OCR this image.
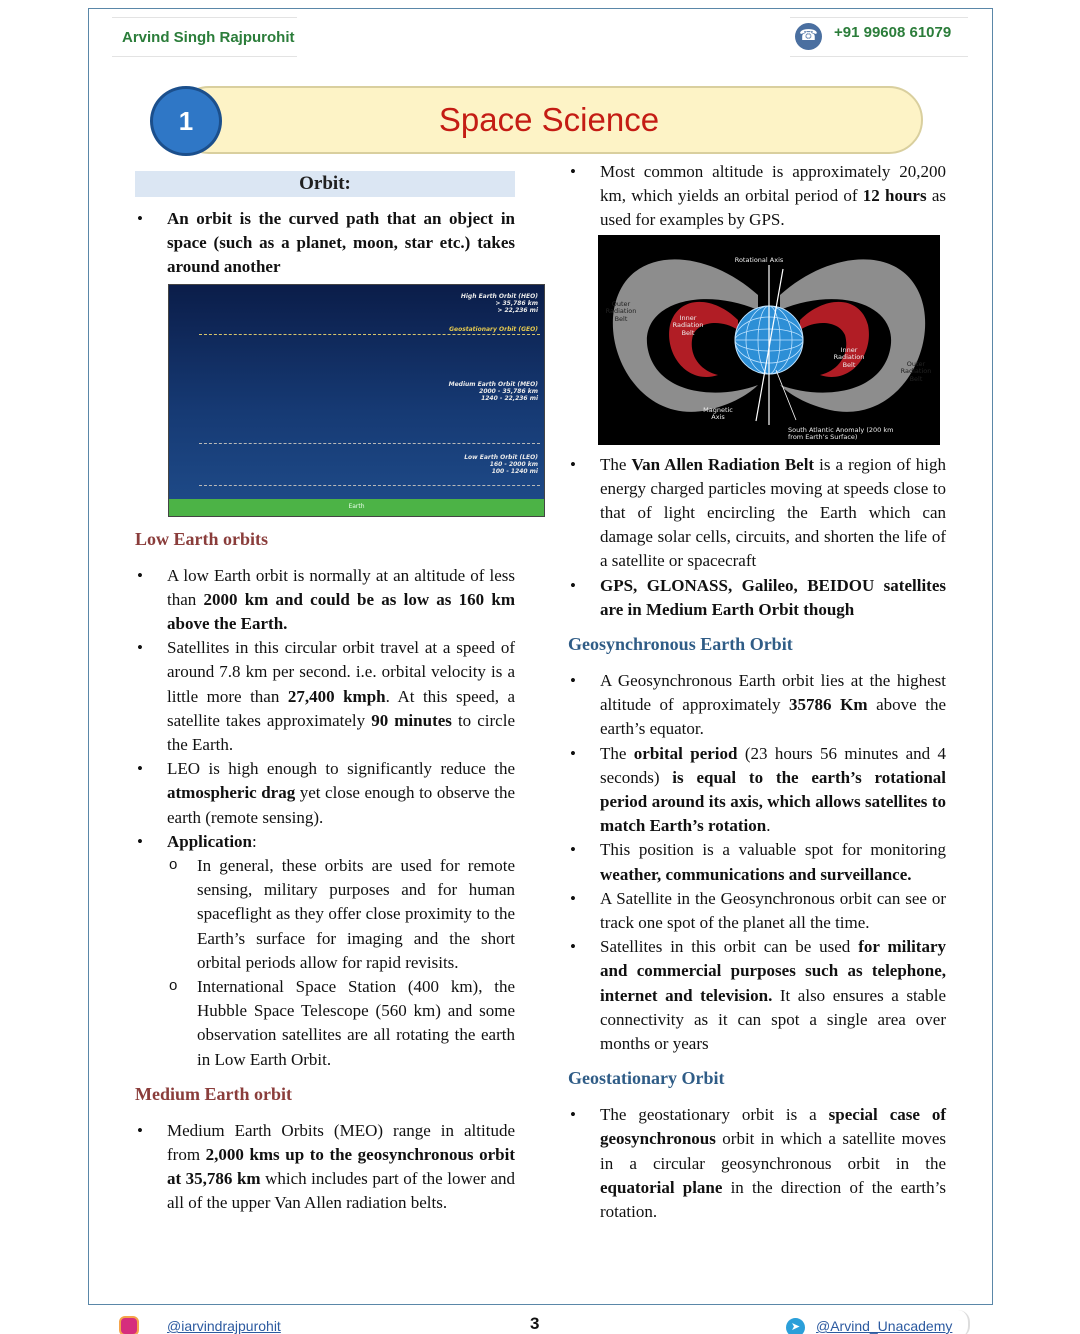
Arvind Singh Rajpurohit	☎ +91 99608 61079
Space Science
1
Orbit:
• An orbit is the curved path that an object in space (such as a planet, moon, star etc.) takes around another
High Earth Orbit (HEO)
> 35,786 km
> 22,236 mi
Geostationary Orbit (GEO)
Medium Earth Orbit (MEO)
2000 - 35,786 km
1240 - 22,236 mi
Low Earth Orbit (LEO)
160 - 2000 km
100 - 1240 mi
Earth
Low Earth orbits
• A low Earth orbit is normally at an altitude of less than 2000 km and could be as low as 160 km above the Earth.
• Satellites in this circular orbit travel at a speed of around 7.8 km per second. i.e. orbital velocity is a little more than 27,400 kmph. At this speed, a satellite takes approximately 90 minutes to circle the Earth.
• LEO is high enough to significantly reduce the atmospheric drag yet close enough to observe the earth (remote sensing).
• Application:
o In general, these orbits are used for remote sensing, military purposes and for human spaceflight as they offer close proximity to the Earth’s surface for imaging and the short orbital periods allow for rapid revisits.
o International Space Station (400 km), the Hubble Space Telescope (560 km) and some observation satellites are all rotating the earth in Low Earth Orbit.
Medium Earth orbit
• Medium Earth Orbits (MEO) range in altitude from 2,000 kms up to the geosynchronous orbit at 35,786 km which includes part of the lower and all of the upper Van Allen radiation belts.
• Most common altitude is approximately 20,200 km, which yields an orbital period of 12 hours as used for examples by GPS.
Rotational Axis
Outer Radiation Belt	Inner Radiation Belt
Inner Radiation Belt	Outer Radiation Belt
Magnetic Axis
South Atlantic Anomaly (200 km from Earth’s Surface)
• The Van Allen Radiation Belt is a region of high energy charged particles moving at speeds close to that of light encircling the Earth which can damage solar cells, circuits, and shorten the life of a satellite or spacecraft
• GPS, GLONASS, Galileo, BEIDOU satellites are in Medium Earth Orbit though
Geosynchronous Earth Orbit
• A Geosynchronous Earth orbit lies at the highest altitude of approximately 35786 Km above the earth’s equator.
• The orbital period (23 hours 56 minutes and 4 seconds) is equal to the earth’s rotational period around its axis, which allows satellites to match Earth’s rotation.
• This position is a valuable spot for monitoring weather, communications and surveillance.
• A Satellite in the Geosynchronous orbit can see or track one spot of the planet all the time.
• Satellites in this orbit can be used for military and commercial purposes such as telephone, internet and television. It also ensures a stable connectivity as it can spot a single area over months or years
Geostationary Orbit
• The geostationary orbit is a special case of geosynchronous orbit in which a satellite moves in a circular geosynchronous orbit in the equatorial plane in the direction of the earth’s rotation.
@iarvindrajpurohit	3	➤	@Arvind_Unacademy
